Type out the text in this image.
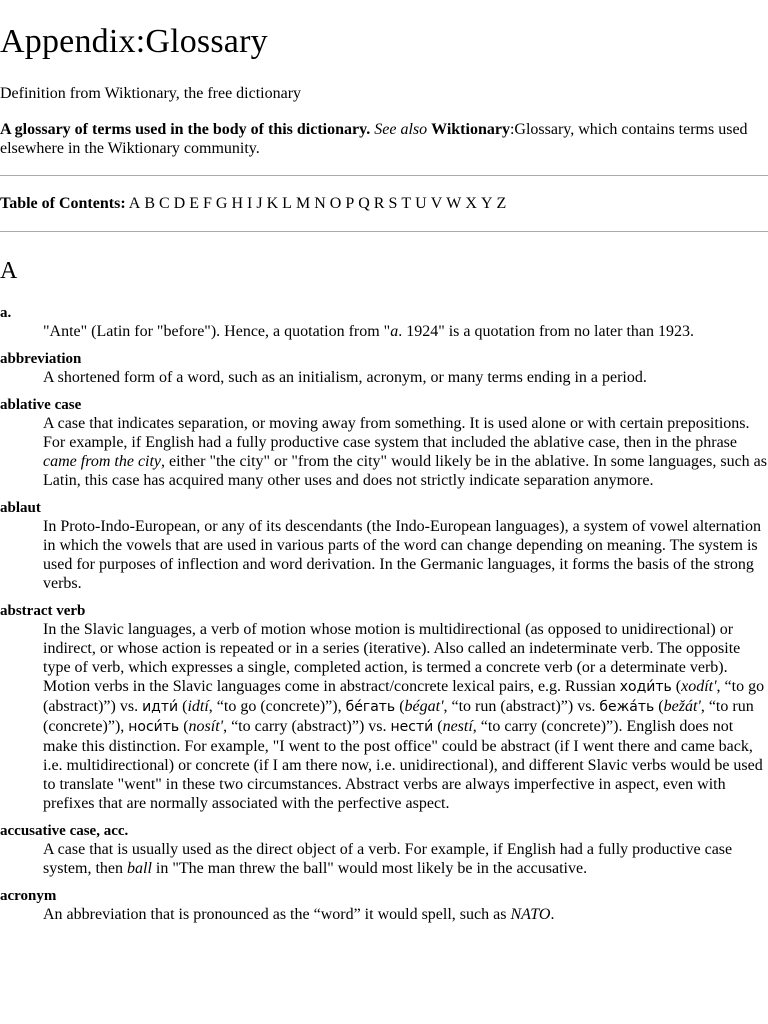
Appendix:Glossary
Definition from Wiktionary, the free dictionary
A glossary of terms used in the body of this dictionary. See also Wiktionary:Glossary, which contains terms used elsewhere in the Wiktionary community.
Table of Contents: A B C D E F G H I J K L M N O P Q R S T U V W X Y Z
A
a.
"Ante" (Latin for "before"). Hence, a quotation from "a. 1924" is a quotation from no later than 1923.
abbreviation
A shortened form of a word, such as an initialism, acronym, or many terms ending in a period.
ablative case
A case that indicates separation, or moving away from something. It is used alone or with certain prepositions. For example, if English had a fully productive case system that included the ablative case, then in the phrase came from the city, either "the city" or "from the city" would likely be in the ablative. In some languages, such as Latin, this case has acquired many other uses and does not strictly indicate separation anymore.
ablaut
In Proto-Indo-European, or any of its descendants (the Indo-European languages), a system of vowel alternation in which the vowels that are used in various parts of the word can change depending on meaning. The system is used for purposes of inflection and word derivation. In the Germanic languages, it forms the basis of the strong verbs.
abstract verb
In the Slavic languages, a verb of motion whose motion is multidirectional (as opposed to unidirectional) or indirect, or whose action is repeated or in a series (iterative). Also called an indeterminate verb. The opposite type of verb, which expresses a single, completed action, is termed a concrete verb (or a determinate verb). Motion verbs in the Slavic languages come in abstract/concrete lexical pairs, e.g. Russian ходи́ть (xodít', “to go (abstract)”) vs. идти́ (idtí, “to go (concrete)”), бе́гать (bégat', “to run (abstract)”) vs. бежа́ть (bežát', “to run (concrete)”), носи́ть (nosít', “to carry (abstract)”) vs. нести́ (nestí, “to carry (concrete)”). English does not make this distinction. For example, "I went to the post office" could be abstract (if I went there and came back, i.e. multidirectional) or concrete (if I am there now, i.e. unidirectional), and different Slavic verbs would be used to translate "went" in these two circumstances. Abstract verbs are always imperfective in aspect, even with prefixes that are normally associated with the perfective aspect.
accusative case, acc.
A case that is usually used as the direct object of a verb. For example, if English had a fully productive case system, then ball in "The man threw the ball" would most likely be in the accusative.
acronym
An abbreviation that is pronounced as the “word” it would spell, such as NATO.
